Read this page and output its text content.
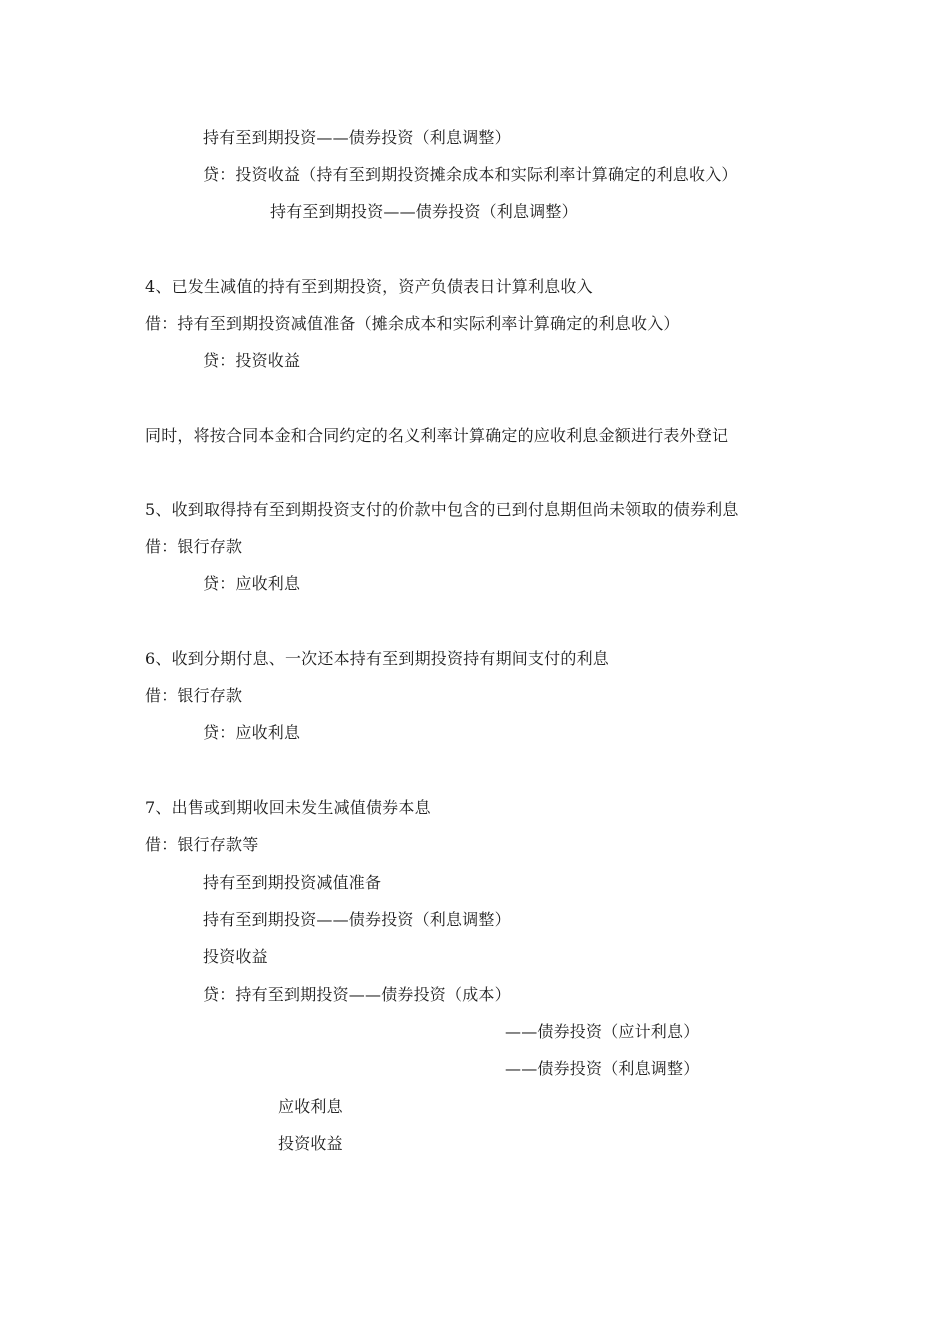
持有至到期投资——债券投资（利息调整）
贷：投资收益（持有至到期投资摊余成本和实际利率计算确定的利息收入）
持有至到期投资——债券投资（利息调整）
4、已发生减值的持有至到期投资，资产负债表日计算利息收入
借：持有至到期投资减值准备（摊余成本和实际利率计算确定的利息收入）
贷：投资收益
同时，将按合同本金和合同约定的名义利率计算确定的应收利息金额进行表外登记
5、收到取得持有至到期投资支付的价款中包含的已到付息期但尚未领取的债券利息
借：银行存款
贷：应收利息
6、收到分期付息、一次还本持有至到期投资持有期间支付的利息
借：银行存款
贷：应收利息
7、出售或到期收回未发生减值债券本息
借：银行存款等
持有至到期投资减值准备
持有至到期投资——债券投资（利息调整）
投资收益
贷：持有至到期投资——债券投资（成本）
——债券投资（应计利息）
——债券投资（利息调整）
应收利息
投资收益
